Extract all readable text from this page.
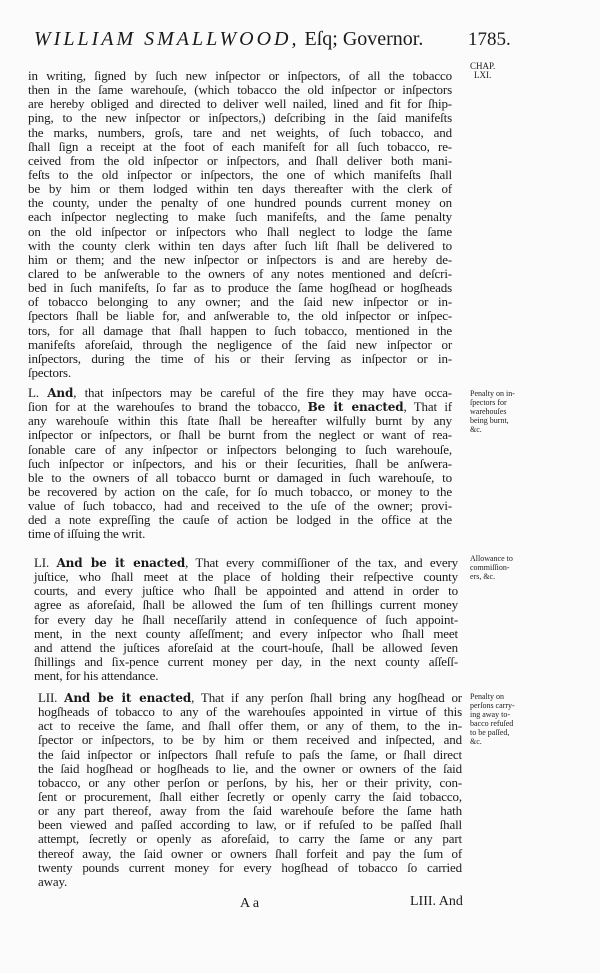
WILLIAM SMALLWOOD, Eſq; Governor.	1785.
CHAP.
LXI.
in writing, ſigned by ſuch new inſpector or inſpectors, of all the tobacco
then in the ſame warehouſe, (which tobacco the old inſpector or inſpectors
are hereby obliged and directed to deliver well nailed, lined and fit for ſhip-
ping, to the new inſpector or inſpectors,) deſcribing in the ſaid manifeſts
the marks, numbers, groſs, tare and net weights, of ſuch tobacco, and
ſhall ſign a receipt at the foot of each manifeſt for all ſuch tobacco, re-
ceived from the old inſpector or inſpectors, and ſhall deliver both mani-
feſts to the old inſpector or inſpectors, the one of which manifeſts ſhall
be by him or them lodged within ten days thereafter with the clerk of
the county, under the penalty of one hundred pounds current money on
each inſpector neglecting to make ſuch manifeſts, and the ſame penalty
on the old inſpector or inſpectors who ſhall neglect to lodge the ſame
with the county clerk within ten days after ſuch liſt ſhall be delivered to
him or them; and the new inſpector or inſpectors is and are hereby de-
clared to be anſwerable to the owners of any notes mentioned and deſcri-
bed in ſuch manifeſts, ſo far as to produce the ſame hogſhead or hogſheads
of tobacco belonging to any owner; and the ſaid new inſpector or in-
ſpectors ſhall be liable for, and anſwerable to, the old inſpector or inſpec-
tors, for all damage that ſhall happen to ſuch tobacco, mentioned in the
manifeſts aforeſaid, through the negligence of the ſaid new inſpector or
inſpectors, during the time of his or their ſerving as inſpector or in-
ſpectors.
L. And, that inſpectors may be careful of the fire they may have occa-
ſion for at the warehouſes to brand the tobacco, Be it enacted, That if
any warehouſe within this ſtate ſhall be hereafter wilfully burnt by any
inſpector or inſpectors, or ſhall be burnt from the neglect or want of rea-
ſonable care of any inſpector or inſpectors belonging to ſuch warehouſe,
ſuch inſpector or inſpectors, and his or their ſecurities, ſhall be anſwera-
ble to the owners of all tobacco burnt or damaged in ſuch warehouſe, to
be recovered by action on the caſe, for ſo much tobacco, or money to the
value of ſuch tobacco, had and received to the uſe of the owner; provi-
ded a note expreſſing the cauſe of action be lodged in the office at the
time of iſſuing the writ.
LI. And be it enacted, That every commiſſioner of the tax, and every
juſtice, who ſhall meet at the place of holding their reſpective county
courts, and every juſtice who ſhall be appointed and attend in order to
agree as aforeſaid, ſhall be allowed the ſum of ten ſhillings current money
for every day he ſhall neceſſarily attend in conſequence of ſuch appoint-
ment, in the next county aſſeſſment; and every inſpector who ſhall meet
and attend the juſtices aforeſaid at the court-houſe, ſhall be allowed ſeven
ſhillings and ſix-pence current money per day, in the next county aſſeſſ-
ment, for his attendance.
LII. And be it enacted, That if any perſon ſhall bring any hogſhead or
hogſheads of tobacco to any of the warehouſes appointed in virtue of this
act to receive the ſame, and ſhall offer them, or any of them, to the in-
ſpector or inſpectors, to be by him or them received and inſpected, and
the ſaid inſpector or inſpectors ſhall refuſe to paſs the ſame, or ſhall direct
the ſaid hogſhead or hogſheads to lie, and the owner or owners of the ſaid
tobacco, or any other perſon or perſons, by his, her or their privity, con-
ſent or procurement, ſhall either ſecretly or openly carry the ſaid tobacco,
or any part thereof, away from the ſaid warehouſe before the ſame hath
been viewed and paſſed according to law, or if refuſed to be paſſed ſhall
attempt, ſecretly or openly as aforeſaid, to carry the ſame or any part
thereof away, the ſaid owner or owners ſhall forfeit and pay the ſum of
twenty pounds current money for every hogſhead of tobacco ſo carried
away.
Penalty on in-
ſpectors for
warehouſes
being burnt,
&c.
Allowance to
commiſſion-
ers, &c.
Penalty on
perſons carry-
ing away to-
bacco refuſed
to be paſſed,
&c.
A a	LIII. And
